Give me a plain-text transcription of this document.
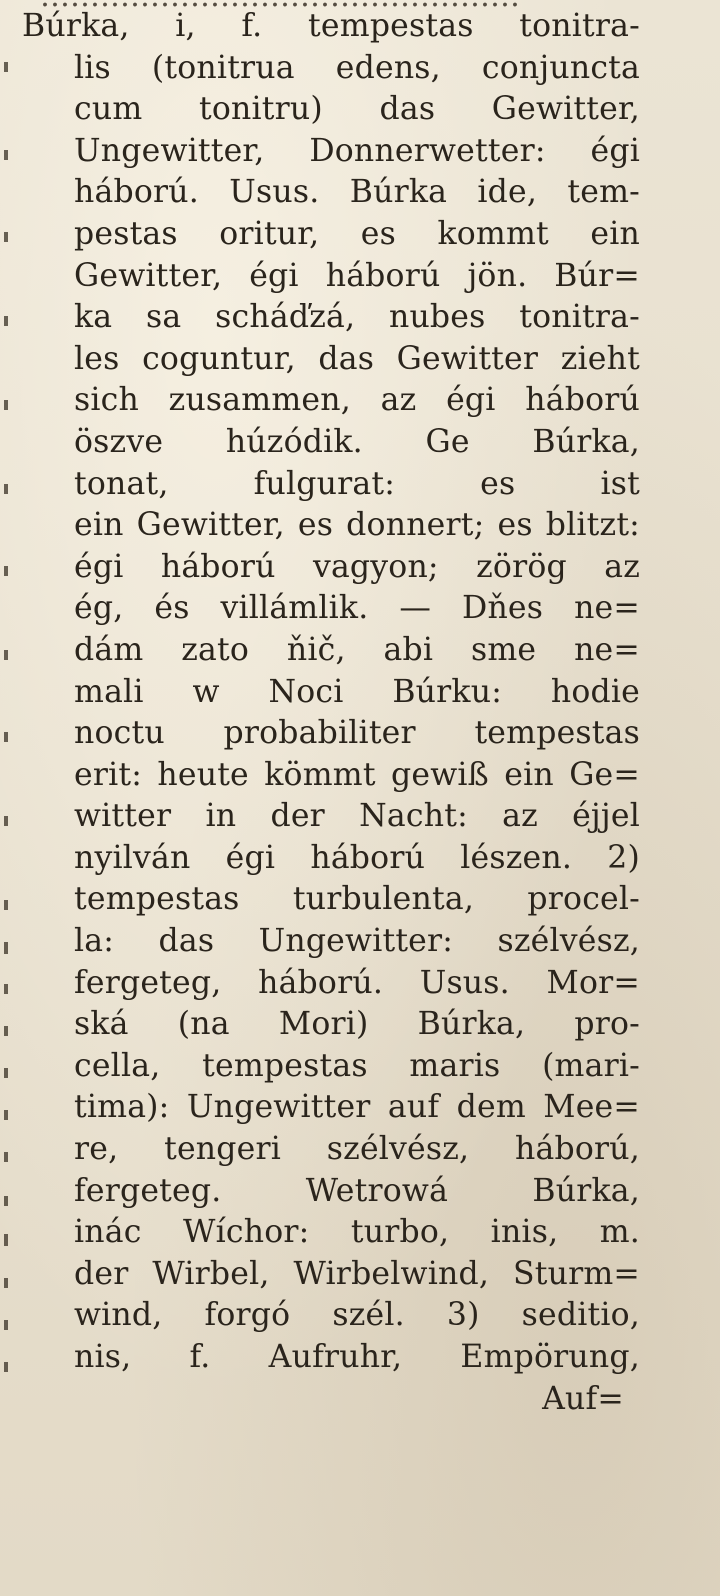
Búrka, i, f. tempestas tonitra-
lis (tonitrua edens, conjuncta
cum tonitru) das Gewitter,
Ungewitter, Donnerwetter: égi
háború. Usus. Búrka ide, tem-
pestas oritur, es kommt ein
Gewitter, égi háború jön. Búr=
ka sa scháďzá, nubes tonitra-
les coguntur, das Gewitter zieht
sich zusammen, az égi háború
öszve húzódik. Ge Búrka,
tonat, fulgurat: es ist
ein Gewitter, es donnert; es blitzt:
égi háború vagyon; zörög az
ég, és villámlik. — Dňes ne=
dám zato ňič, abi sme ne=
mali w Noci Búrku: hodie
noctu probabiliter tempestas
erit: heute kömmt gewiß ein Ge=
witter in der Nacht: az éjjel
nyilván égi háború lészen. 2)
tempestas turbulenta, procel-
la: das Ungewitter: szélvész,
fergeteg, háború. Usus. Mor=
ská (na Mori) Búrka, pro-
cella, tempestas maris (mari-
tima): Ungewitter auf dem Mee=
re, tengeri szélvész, háború,
fergeteg. Wetrowá Búrka,
inác Wíchor: turbo, inis, m.
der Wirbel, Wirbelwind, Sturm=
wind, forgó szél. 3) seditio,
nis, f. Aufruhr, Empörung,
Auf=
